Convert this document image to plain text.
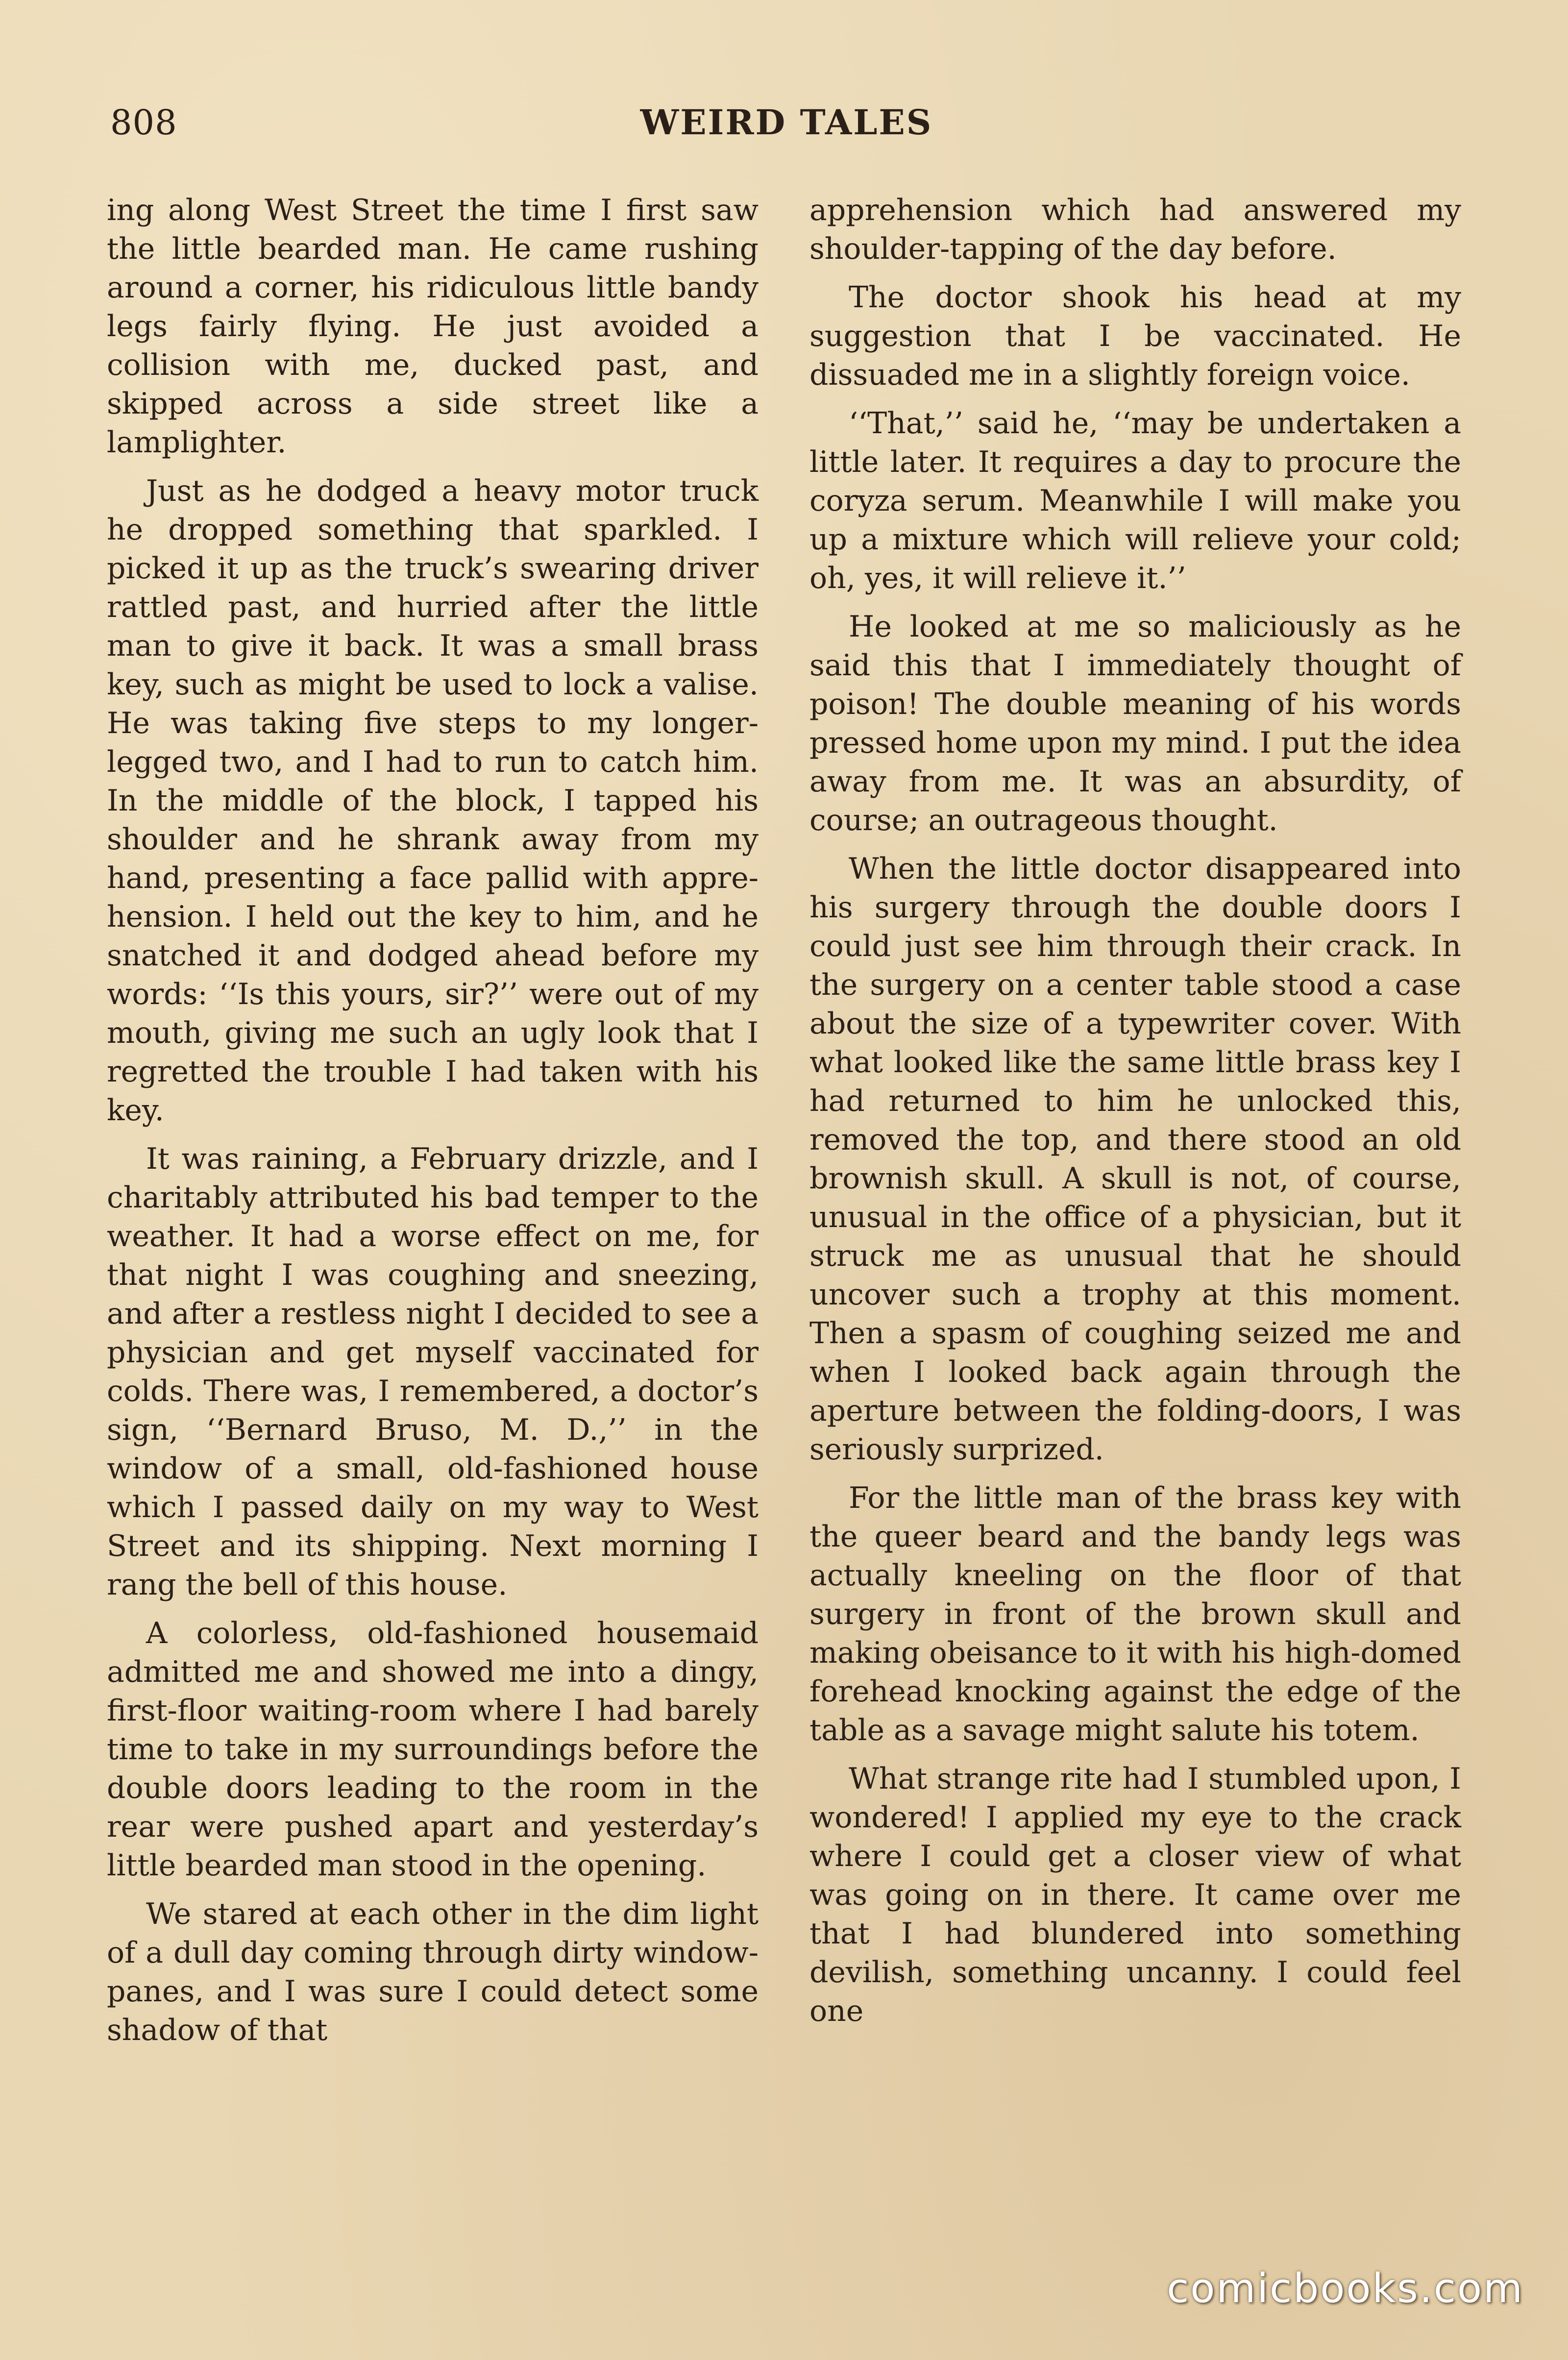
808	WEIRD TALES

ing along West Street the time I first saw the little bearded man. He came rushing around a corner, his ridiculous little bandy legs fairly flying. He just avoided a collision with me, ducked past, and skipped across a side street like a lamplighter.

Just as he dodged a heavy motor truck he dropped something that sparkled. I picked it up as the truck’s swearing driver rattled past, and hurried after the little man to give it back. It was a small brass key, such as might be used to lock a valise. He was taking five steps to my longer-legged two, and I had to run to catch him. In the middle of the block, I tapped his shoulder and he shrank away from my hand, presenting a face pallid with apprehension. I held out the key to him, and he snatched it and dodged ahead before my words: ‘‘Is this yours, sir?’’ were out of my mouth, giving me such an ugly look that I regretted the trouble I had taken with his key.

It was raining, a February drizzle, and I charitably attributed his bad temper to the weather. It had a worse effect on me, for that night I was coughing and sneezing, and after a restless night I decided to see a physician and get myself vaccinated for colds. There was, I remembered, a doctor’s sign, ‘‘Bernard Bruso, M. D.,’’ in the window of a small, old-fashioned house which I passed daily on my way to West Street and its shipping. Next morning I rang the bell of this house.

A colorless, old-fashioned housemaid admitted me and showed me into a dingy, first-floor waiting-room where I had barely time to take in my surroundings before the double doors leading to the room in the rear were pushed apart and yesterday’s little bearded man stood in the opening.

We stared at each other in the dim light of a dull day coming through dirty window-panes, and I was sure I could detect some shadow of that

apprehension which had answered my shoulder-tapping of the day before.

The doctor shook his head at my suggestion that I be vaccinated. He dissuaded me in a slightly foreign voice.

‘‘That,’’ said he, ‘‘may be undertaken a little later. It requires a day to procure the coryza serum. Meanwhile I will make you up a mixture which will relieve your cold; oh, yes, it will relieve it.’’

He looked at me so maliciously as he said this that I immediately thought of poison! The double meaning of his words pressed home upon my mind. I put the idea away from me. It was an absurdity, of course; an outrageous thought.

When the little doctor disappeared into his surgery through the double doors I could just see him through their crack. In the surgery on a center table stood a case about the size of a typewriter cover. With what looked like the same little brass key I had returned to him he unlocked this, removed the top, and there stood an old brownish skull. A skull is not, of course, unusual in the office of a physician, but it struck me as unusual that he should uncover such a trophy at this moment. Then a spasm of coughing seized me and when I looked back again through the aperture between the folding-doors, I was seriously surprized.

For the little man of the brass key with the queer beard and the bandy legs was actually kneeling on the floor of that surgery in front of the brown skull and making obeisance to it with his high-domed forehead knocking against the edge of the table as a savage might salute his totem.

What strange rite had I stumbled upon, I wondered! I applied my eye to the crack where I could get a closer view of what was going on in there. It came over me that I had blundered into something devilish, something uncanny. I could feel one

comicbooks.com
